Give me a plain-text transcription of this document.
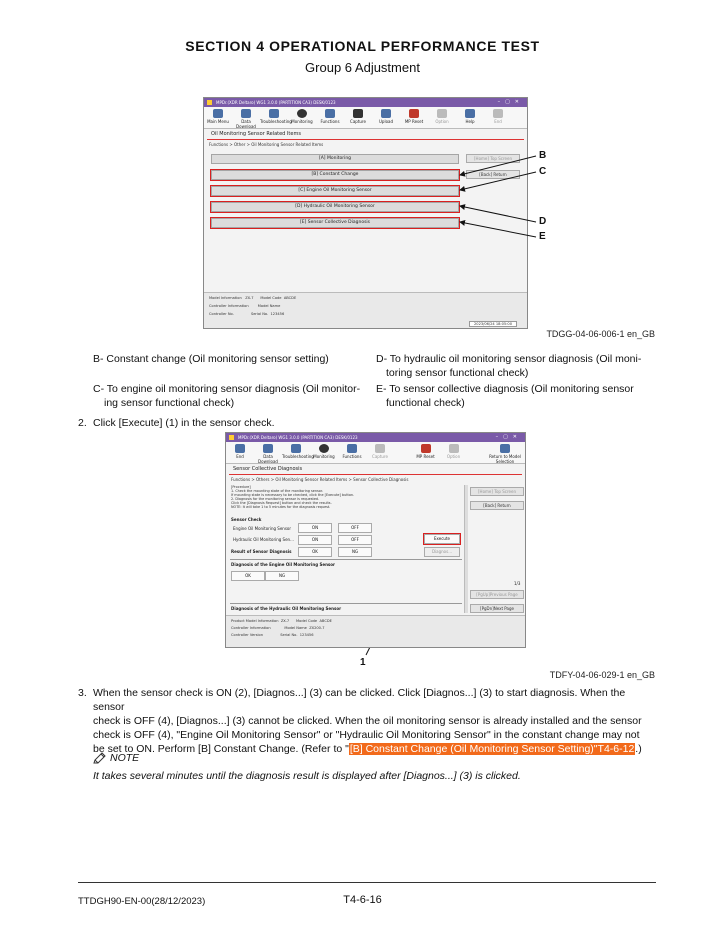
SECTION 4 OPERATIONAL PERFORMANCE TEST
Group 6 Adjustment
MPDr.(XDR Deltaro) WG1 3.0.0 (PARTITION CA3) DESK/0123	–▢✕
Main Menu	Data Download
Troubleshooting Monitoring	Functions	Capture	Upload	MP Reset	Option	Help	End
Oil Monitoring Sensor Related Items
Functions > Other > Oil Monitoring Sensor Related Items
[A] Monitoring
[B] Constant Change
[C] Engine Oil Monitoring Sensor
[D] Hydraulic Oil Monitoring Sensor
[E] Sensor Collective Diagnosis
[Home] Top Screen
[Back] Return
Model Information ZX-7 Model Code ABCDE
Controller Information	Model Name
Controller No.	Serial No. 123456
2023/06/24 18:05:00
B
C
D
E
TDGG-04-06-006-1 en_GB
B- Constant change (Oil monitoring sensor setting)
C- To engine oil monitoring sensor diagnosis (Oil monitor-
ing sensor functional check)
D- To hydraulic oil monitoring sensor diagnosis (Oil moni-
toring sensor functional check)
E- To sensor collective diagnosis (Oil monitoring sensor
functional check)
2. Click [Execute] (1) in the sensor check.
MPDr.(XDR Deltaro) WG1 3.0.0 (PARTITION CA3) DESK/0123	–▢✕
End	Data Download
Troubleshooting Monitoring	Functions	Capture	MP Reset	Option	Return to Model Selection
Sensor Collective Diagnosis
Functions > Others > Oil Monitoring Sensor Related Items > Sensor Collective Diagnosis
[Procedure]
1. Check the mounting state of the monitoring sensor.
If mounting state is necessary to be checked, click the [Execute] button.
2. Diagnosis for the monitoring sensor is requested.
Click the [Diagnosis Request] button and check the results.
NOTE: It will take 1 to 5 minutes for the diagnosis request.
Sensor Check
Engine Oil Monitoring Sensor	ON	OFF
Hydraulic Oil Monitoring Sen...	ON	OFF	Execute
Result of Sensor Diagnosis	OK	NG	Diagnos...
Diagnosis of the Engine Oil Monitoring Sensor
OK	NG
Diagnosis of the Hydraulic Oil Monitoring Sensor
[Home] Top Screen
[Back] Return
1/3
[PgUp]Previous Page
[PgDn]Next Page
Product Model Information ZX-7 Model Code ABCDE
Controller Information	Model Name ZX200-7
Controller Version	Serial No. 123456
1
TDFY-04-06-029-1 en_GB
3. When the sensor check is ON (2), [Diagnos...] (3) can be clicked. Click [Diagnos...] (3) to start diagnosis. When the sensor
check is OFF (4), [Diagnos...] (3) cannot be clicked. When the oil monitoring sensor is already installed and the sensor
check is OFF (4), "Engine Oil Monitoring Sensor" or "Hydraulic Oil Monitoring Sensor" in the constant change may not
be set to ON. Perform [B] Constant Change. (Refer to "[B] Constant Change (Oil Monitoring Sensor Setting)"T4-6-12.)
NOTE
It takes several minutes until the diagnosis result is displayed after [Diagnos...] (3) is clicked.
TTDGH90-EN-00(28/12/2023)	T4-6-16
